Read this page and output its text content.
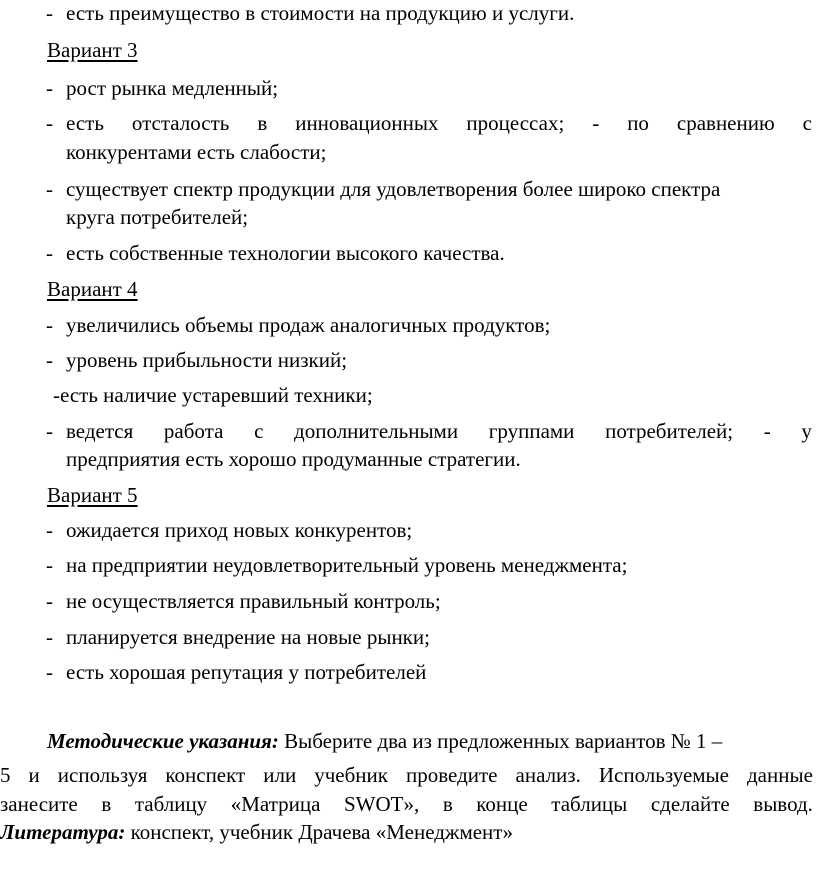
- есть преимущество в стоимости на продукцию и услуги.
Вариант 3
- рост рынка медленный;
- есть отсталость в инновационных процессах; - по сравнению с
конкурентами есть слабости;
- существует спектр продукции для удовлетворения более широко спектра
круга потребителей;
- есть собственные технологии высокого качества.
Вариант 4
- увеличились объемы продаж аналогичных продуктов;
- уровень прибыльности низкий;
-есть наличие устаревший техники;
- ведется работа с дополнительными группами потребителей; - у
предприятия есть хорошо продуманные стратегии.
Вариант 5
- ожидается приход новых конкурентов;
- на предприятии неудовлетворительный уровень менеджмента;
- не осуществляется правильный контроль;
- планируется внедрение на новые рынки;
- есть хорошая репутация у потребителей
Методические указания: Выберите два из предложенных вариантов № 1 –
5 и используя конспект или учебник проведите анализ. Используемые данные
занесите в таблицу «Матрица SWOT», в конце таблицы сделайте вывод.
Литература: конспект, учебник Драчева «Менеджмент»
